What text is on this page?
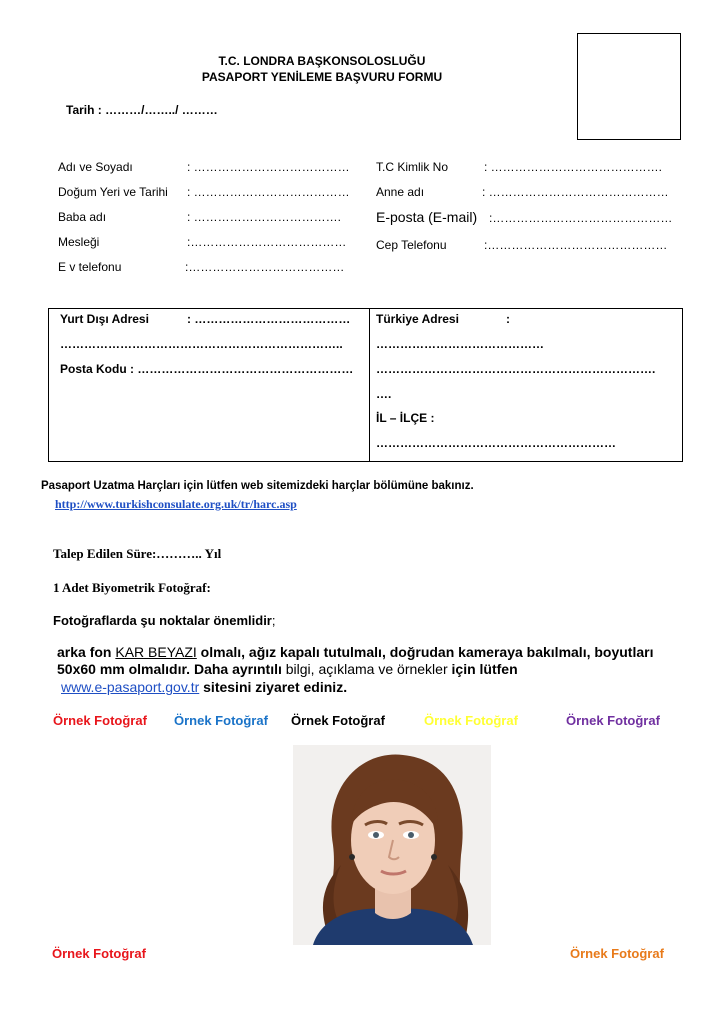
T.C. LONDRA BAŞKONSOLOSLUĞU
PASAPORT YENİLEME BAŞVURU FORMU
Tarih : ………/……../ ………
Adı ve Soyadı	: …………………………………
Doğum Yeri ve Tarihi : …………………………………
Baba adı	: ……………………………….
Mesleği	:…………………………………
E v telefonu	:…………………………………
T.C Kimlik No	: …………………………………….
Anne adı	: ………………………………………
E-posta (E-mail) :………………………………………
Cep Telefonu	:………………………………………
Yurt Dışı Adresi	: …………………………………
……………………………………………………………..
Posta Kodu : ………………………………………………
Türkiye Adresi	:
……………………………………
…………………………………………………………….
….
İL – İLÇE :
……………………………………………………
Pasaport Uzatma Harçları için lütfen web sitemizdeki harçlar bölümüne bakınız.
http://www.turkishconsulate.org.uk/tr/harc.asp
Talep Edilen Süre:……….. Yıl
1 Adet Biyometrik Fotoğraf:
Fotoğraflarda şu noktalar önemlidir;
arka fon KAR BEYAZI olmalı, ağız kapalı tutulmalı, doğrudan kameraya bakılmalı, boyutları
50x60 mm olmalıdır. Daha ayrıntılı bilgi, açıklama ve örnekler için lütfen
www.e-pasaport.gov.tr sitesini ziyaret ediniz.
Örnek Fotoğraf Örnek Fotoğraf Örnek Fotoğraf	Örnek Fotoğraf	Örnek Fotoğraf
Örnek Fotoğraf	Örnek Fotoğraf
